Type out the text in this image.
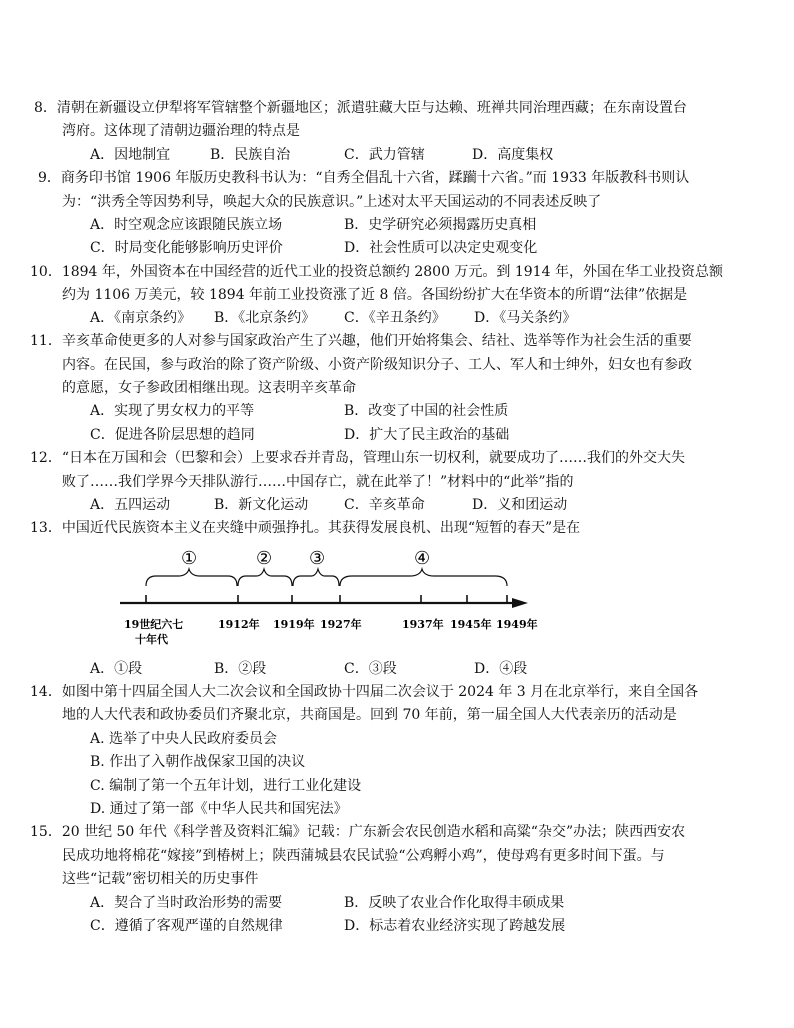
8．清朝在新疆设立伊犁将军管辖整个新疆地区；派遣驻藏大臣与达赖、班禅共同治理西藏；在东南设置台
湾府。这体现了清朝边疆治理的特点是
A．因地制宜	B．民族自治	C．武力管辖	D．高度集权
9．商务印书馆 1906 年版历史教科书认为：“自秀全倡乱十六省，蹂躏十六省。”而 1933 年版教科书则认
为：“洪秀全等因势利导，唤起大众的民族意识。”上述对太平天国运动的不同表述反映了
A．时空观念应该跟随民族立场	B．史学研究必须揭露历史真相
C．时局变化能够影响历史评价	D．社会性质可以决定史观变化
10．1894 年，外国资本在中国经营的近代工业的投资总额约 2800 万元。到 1914 年，外国在华工业投资总额
约为 1106 万美元，较 1894 年前工业投资涨了近 8 倍。各国纷纷扩大在华资本的所谓“法律”依据是
A．《南京条约》 B．《北京条约》 C．《辛丑条约》 D．《马关条约》
11．辛亥革命使更多的人对参与国家政治产生了兴趣，他们开始将集会、结社、选举等作为社会生活的重要
内容。在民国，参与政治的除了资产阶级、小资产阶级知识分子、工人、军人和士绅外，妇女也有参政
的意愿，女子参政团相继出现。这表明辛亥革命
A．实现了男女权力的平等	B．改变了中国的社会性质
C．促进各阶层思想的趋同	D．扩大了民主政治的基础
12．“日本在万国和会（巴黎和会）上要求吞并青岛，管理山东一切权利，就要成功了……我们的外交大失
败了……我们学界今天排队游行……中国存亡，就在此举了！”材料中的“此举”指的
A．五四运动	B．新文化运动	C．辛亥革命	D．义和团运动
13．中国近代民族资本主义在夹缝中顽强挣扎。其获得发展良机、出现“短暂的春天”是在
①	② ③	④
19世纪六七
十年代
1912年 1919年 1927年	1937年 1945年 1949年
A．①段	B．②段	C．③段	D．④段
14．如图中第十四届全国人大二次会议和全国政协十四届二次会议于 2024 年 3 月在北京举行，来自全国各
地的人大代表和政协委员们齐聚北京，共商国是。回到 70 年前，第一届全国人大代表亲历的活动是
A. 选举了中央人民政府委员会
B. 作出了入朝作战保家卫国的决议
C. 编制了第一个五年计划，进行工业化建设
D. 通过了第一部《中华人民共和国宪法》
15．20 世纪 50 年代《科学普及资料汇编》记载：广东新会农民创造水稻和高粱“杂交”办法；陕西西安农
民成功地将棉花“嫁接”到椿树上；陕西蒲城县农民试验“公鸡孵小鸡”，使母鸡有更多时间下蛋。与
这些“记载”密切相关的历史事件
A．契合了当时政治形势的需要	B．反映了农业合作化取得丰硕成果
C．遵循了客观严谨的自然规律	D．标志着农业经济实现了跨越发展
